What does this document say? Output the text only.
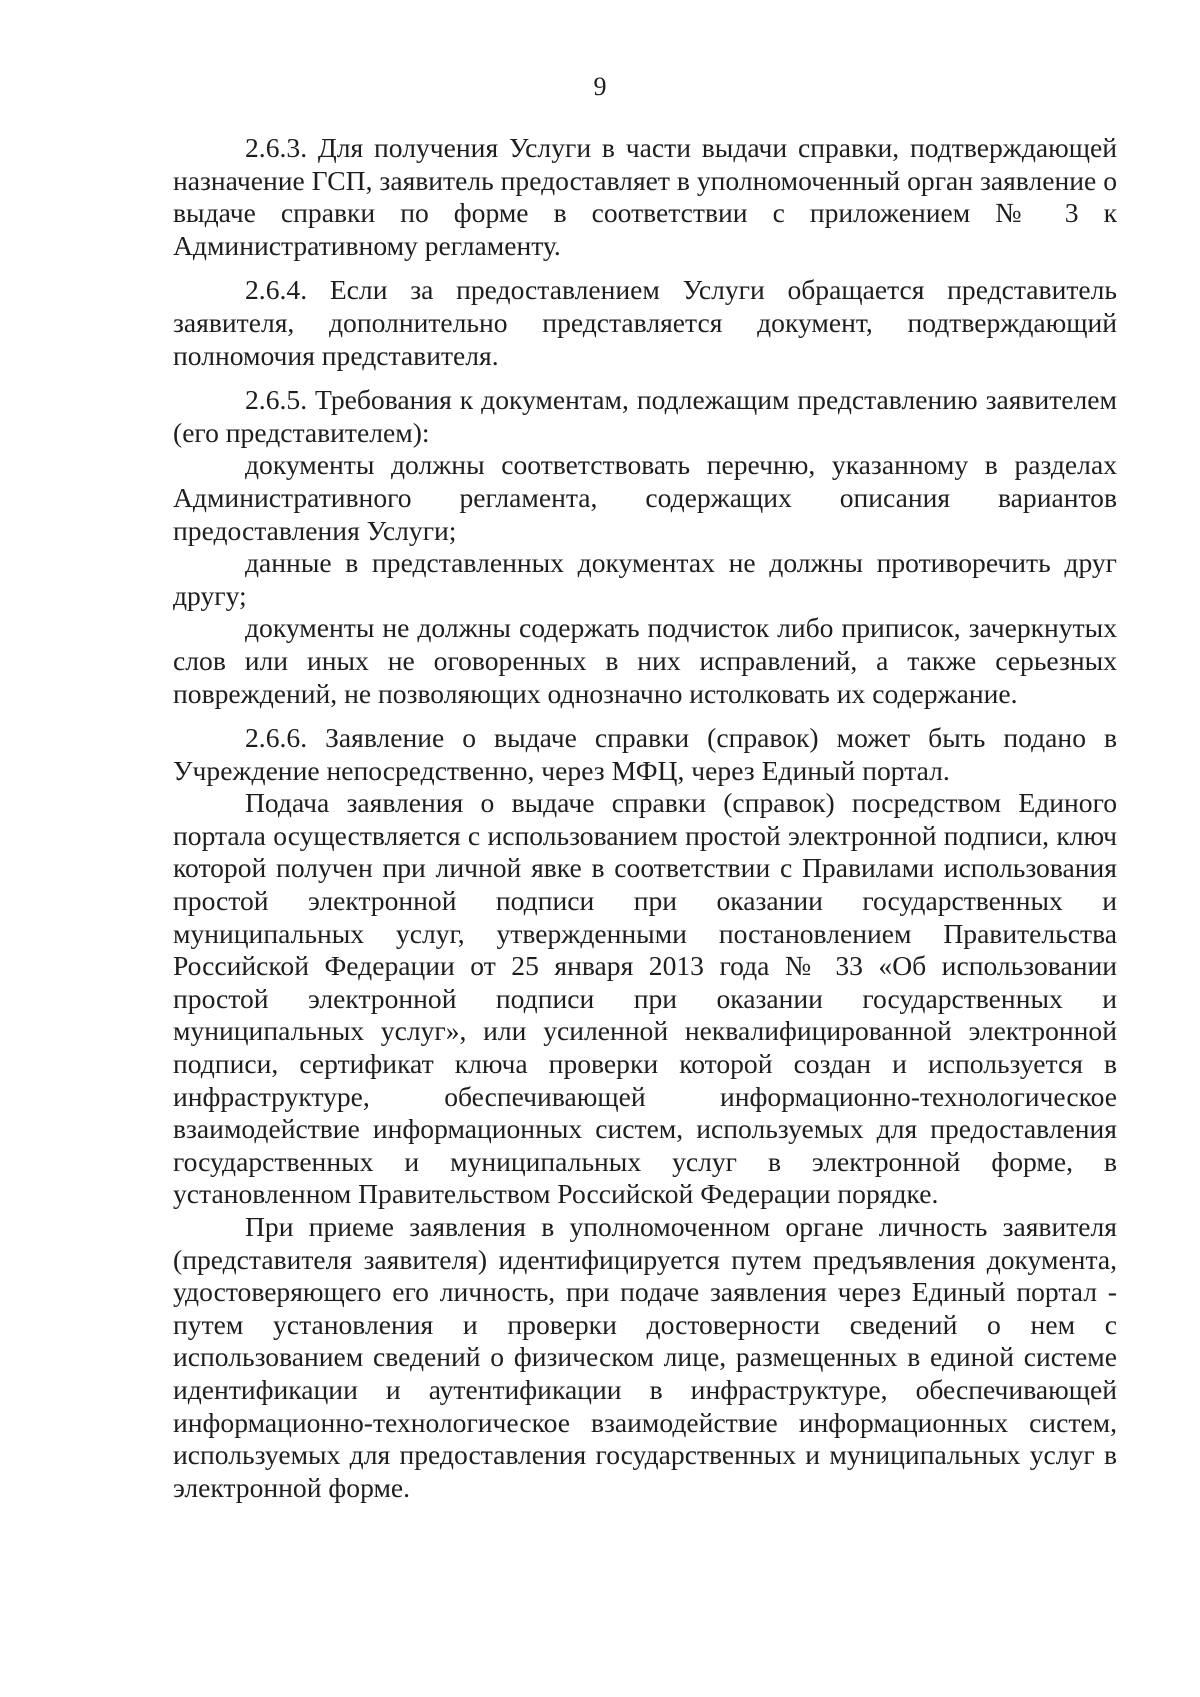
9

2.6.3. Для получения Услуги в части выдачи справки, подтверждающей назначение ГСП, заявитель предоставляет в уполномоченный орган заявление о выдаче справки по форме в соответствии с приложением № 3 к Административному регламенту.

2.6.4. Если за предоставлением Услуги обращается представитель заявителя, дополнительно представляется документ, подтверждающий полномочия представителя.

2.6.5. Требования к документам, подлежащим представлению заявителем (его представителем):

документы должны соответствовать перечню, указанному в разделах Административного регламента, содержащих описания вариантов предоставления Услуги;

данные в представленных документах не должны противоречить друг другу;

документы не должны содержать подчисток либо приписок, зачеркнутых слов или иных не оговоренных в них исправлений, а также серьезных повреждений, не позволяющих однозначно истолковать их содержание.

2.6.6. Заявление о выдаче справки (справок) может быть подано в Учреждение непосредственно, через МФЦ, через Единый портал.

Подача заявления о выдаче справки (справок) посредством Единого портала осуществляется с использованием простой электронной подписи, ключ которой получен при личной явке в соответствии с Правилами использования простой электронной подписи при оказании государственных и муниципальных услуг, утвержденными постановлением Правительства Российской Федерации от 25 января 2013 года № 33 «Об использовании простой электронной подписи при оказании государственных и муниципальных услуг», или усиленной неквалифицированной электронной подписи, сертификат ключа проверки которой создан и используется в инфраструктуре, обеспечивающей информационно-технологическое взаимодействие информационных систем, используемых для предоставления государственных и муниципальных услуг в электронной форме, в установленном Правительством Российской Федерации порядке.

При приеме заявления в уполномоченном органе личность заявителя (представителя заявителя) идентифицируется путем предъявления документа, удостоверяющего его личность, при подаче заявления через Единый портал - путем установления и проверки достоверности сведений о нем с использованием сведений о физическом лице, размещенных в единой системе идентификации и аутентификации в инфраструктуре, обеспечивающей информационно-технологическое взаимодействие информационных систем, используемых для предоставления государственных и муниципальных услуг в электронной форме.
